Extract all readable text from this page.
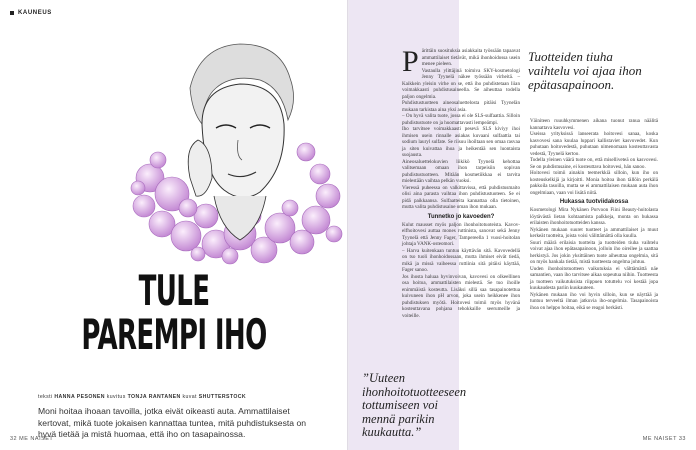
KAUNEUS
TULE
PAREMPI IHO
teksti HANNA PESONEN kuvitus TONJA RANTANEN kuvat SHUTTERSTOCK
Moni hoitaa ihoaan tavoilla, jotka eivät oikeasti auta. Ammattilaiset kertovat, mikä tuote jokaisen kannattaa tuntea, mitä puhdistuksesta on hyvä tietää ja mistä huomaa, että iho on tasapainossa.
32 ME NAISET

Pärittäin suosituksia asiakkaita työssään tapaavat ammattilaiset tietävät, mikä ihonhoidossa usein menee pieleen.

Vastaulla ylittäjinä toimiva SKY-kosmetologi Jenny Tyynelä näkee työssään virheitä. – Kaikkein yleisin virhe on se, että iho puhdistetaan liian voimakkaasti puhdistusaineella. Se aiheuttaa todella paljon ongelmia.

Puhdistustuotteen aineosaluettelosta pitäisi Tyynelän mukaan tarkistaa aina yksi asia.

– On hyvä valita tuote, jossa ei ole SLS-sulfaattia. Silloin puhdistustuote on ja huomattavasti lempeämpi.

Iho tarvitsee voimakkaasti pesevä SLS kiviyy ihoi ihmisen usein rinnalle asiakas kuvaani sulfaattia tai sodium lauryl sulfate. Se riisuu ihoiltaan sen omaa rasvaa ja siten kuivattaa ihoa ja heikentää sen luontaista suojausta.

Aineosaluettelokuvien liikikö Tyynelä kehottaa valitsemaan omaan ihon tarpeisiin sopivan puhdistustuotteen. Mitään kosmetiikkaa ei tarvita mielestään vaihtaa pelkän vuoksi.

Vieressä puheessa on valkittavissa, että puhdistusmaito olisi aina parasta vaihtaa ihon puhdistustuoteen. Se ei pidä paikkaansa. Sulfaatteita kannattaa olla tietoinen, mutta valita puhdistusaine oman ihon mukaan.

Tunnetko jo kavoeden?

Kulut mausset myös paljon ihonhoitotuoteista. Kavov-elfhoitovesi auttaa mones ruttinista, sanovat sekä Jenny Tyynelä että Jenny Fager, Tampereella 1 vuosi-hoitolan johtaja VANK-osteomori.

– Harva kuitenkaan tuntuu käyttävän sitä. Kavovedellä on tso tuoli ihonhoidossaan, mutta ihmiset eivät tiedä, mikä ja missä vaiheessa ruttiinia sitä pitäisi käyttää, Fager sanoo.

Jos ihosta haluaa hyvinvoivan, kavovesi on olkeellinen osa hoitoa, ammattilaisten mielestä. Se tuo ihoille enimmäistä kosteutta. Lisäksi sillä saa tasapainotettua kuivuneen ihon pH arvon, joka usein heikkenee ihon puhdistuksen myötä. Hoitovesi toimii myös hyvänä kosteuttavana pohjana tehokkaille seerumeille ja voiteille.

Tuotteiden tiuha vaihtelu voi ajaa ihon epätasapainoon.

Väiniteen ruuuhkymmenen aikana tuonut ranua näälitä kannattava kasvovesi.

Useissa yrityksissä lanseerata hoitovesi sanaa, koska kasvovesi sana kuulaa luppari kallistaviet kasvovedet. Kun puhutaan hoitovedestä, puhutaan nimenomaan kosteuttavasta vedestä, Tyynelä kertoo.

Todella yleinen väärä tuote on, että miselliveteä on kasvovesi. Se on puhdistusaine, ei kosteuttava hoitovesi, hän sanoo.

Hoitovesi toimii ainakin teemerkkiä silloin, kun iho on kosteuskelkijä ja kirjoitti. Monia hoitoa ihon tällöin perkälä pakkoila tasoilla, mutta se ei ammattilaisen mukaan auta ihon ongelmiaan, vaan voi lisätä niitä.

Hukassa tuotviidakossa

Kosmetologi Mira Nykänen Porvoon Fiini Beauty-hoitolasta löytävästä lietan kohtaamista palkkeja, monta on hukassa erilaisten ihonhoitotuotteiden kanssa.

Nykänen mukaan suuret tuotteet ja ammattilaiset ja muut kerkeät tuotteita, joista voisi välittämättä olla kuulla.

Suuri määrä erilaisia tuotteita ja tuotteiden tiuha vaihtelu voivat ajaa ihon epätasapainoon, jolloin iho oireilee ja saattaa herkistyä. Jos jokin yksittäinen tuote aiheuttaa ongelmia, sitä on myös hankala tietää, mistä tuotteesta ongelma johtuu.

Uuden ihonhoitotuotteen vaikutuksia ei välttämättä näe samantien, vaan iho tarvitsee aikaa sopeutua niihin. Tuotteesta ja tuotteen vaikutuksista riippuen totuttelu voi kestää jopa kuukaudesta pariin kuukauteen.

Nykänen mukaan iho voi hyvin silloin, kun se näyttää ja tuntuu terveeltä ilman jatkuvia iho-ongelmia. Tasapainoista ihoa on helppo hoitaa, eikä se reagoi herkästi.

”Uuteen ihonhoitotuotteeseen tottumiseen voi mennä parikin kuukautta.”	ME NAISET 33
